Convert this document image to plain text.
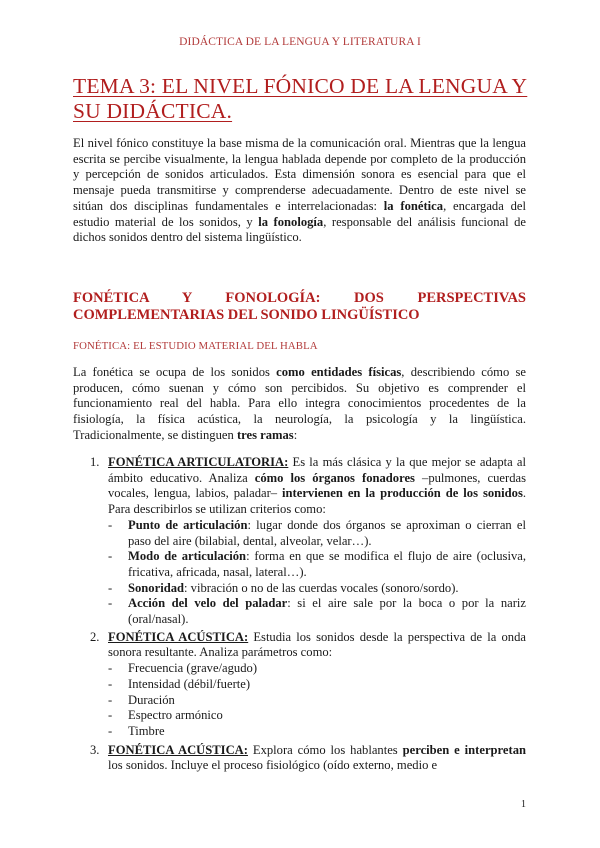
DIDÁCTICA DE LA LENGUA Y LITERATURA I
TEMA 3: EL NIVEL FÓNICO DE LA LENGUA Y SU DIDÁCTICA.

El nivel fónico constituye la base misma de la comunicación oral. Mientras que la lengua escrita se percibe visualmente, la lengua hablada depende por completo de la producción y percepción de sonidos articulados. Esta dimensión sonora es esencial para que el mensaje pueda transmitirse y comprenderse adecuadamente. Dentro de este nivel se sitúan dos disciplinas fundamentales e interrelacionadas: la fonética, encargada del estudio material de los sonidos, y la fonología, responsable del análisis funcional de dichos sonidos dentro del sistema lingüístico.

FONÉTICA Y FONOLOGÍA: DOS PERSPECTIVAS COMPLEMENTARIAS DEL SONIDO LINGÜÍSTICO
FONÉTICA: EL ESTUDIO MATERIAL DEL HABLA

La fonética se ocupa de los sonidos como entidades físicas, describiendo cómo se producen, cómo suenan y cómo son percibidos. Su objetivo es comprender el funcionamiento real del habla. Para ello integra conocimientos procedentes de la fisiología, la física acústica, la neurología, la psicología y la lingüística. Tradicionalmente, se distinguen tres ramas:

1. FONÉTICA ARTICULATORIA: Es la más clásica y la que mejor se adapta al ámbito educativo. Analiza cómo los órganos fonadores –pulmones, cuerdas vocales, lengua, labios, paladar– intervienen en la producción de los sonidos. Para describirlos se utilizan criterios como:
- Punto de articulación: lugar donde dos órganos se aproximan o cierran el paso del aire (bilabial, dental, alveolar, velar…).
- Modo de articulación: forma en que se modifica el flujo de aire (oclusiva, fricativa, africada, nasal, lateral…).
- Sonoridad: vibración o no de las cuerdas vocales (sonoro/sordo).
- Acción del velo del paladar: si el aire sale por la boca o por la nariz (oral/nasal).
2. FONÉTICA ACÚSTICA: Estudia los sonidos desde la perspectiva de la onda sonora resultante. Analiza parámetros como:
- Frecuencia (grave/agudo)
- Intensidad (débil/fuerte)
- Duración
- Espectro armónico
- Timbre
3. FONÉTICA ACÚSTICA: Explora cómo los hablantes perciben e interpretan los sonidos. Incluye el proceso fisiológico (oído externo, medio e
1
